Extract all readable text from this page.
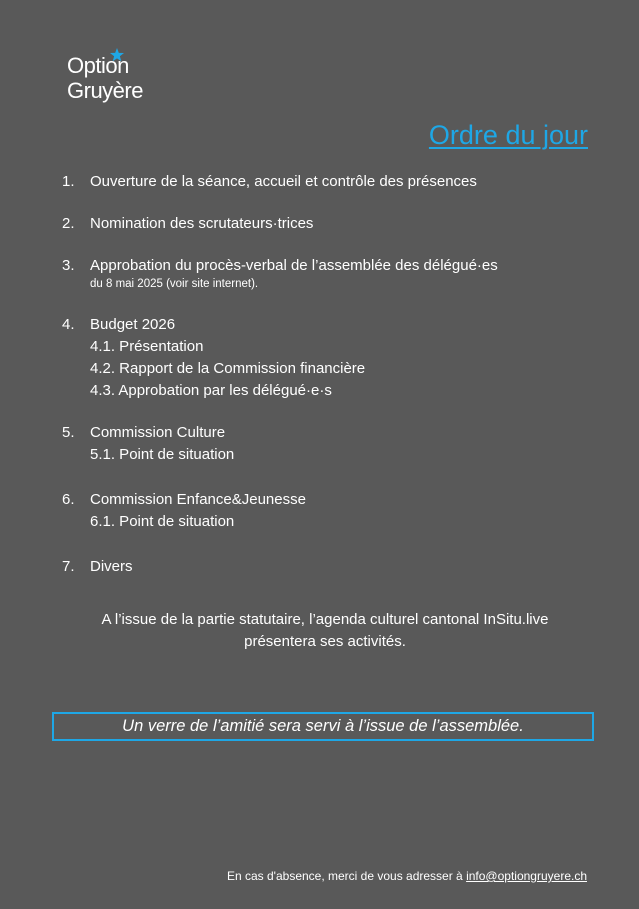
Option
Gruyère
Ordre du jour
1.	Ouverture de la séance, accueil et contrôle des présences
2.	Nomination des scrutateurs·trices
3.	Approbation du procès-verbal de l’assemblée des délégué·es
du 8 mai 2025 (voir site internet).
4.	Budget 2026
4.1. Présentation
4.2. Rapport de la Commission financière
4.3. Approbation par les délégué·e·s
5.	Commission Culture
5.1. Point de situation
6.	Commission Enfance&Jeunesse
6.1. Point de situation
7.	Divers
A l’issue de la partie statutaire, l’agenda culturel cantonal InSitu.live
présentera ses activités.
Un verre de l’amitié sera servi à l’issue de l’assemblée.
En cas d'absence, merci de vous adresser à info@optiongruyere.ch
